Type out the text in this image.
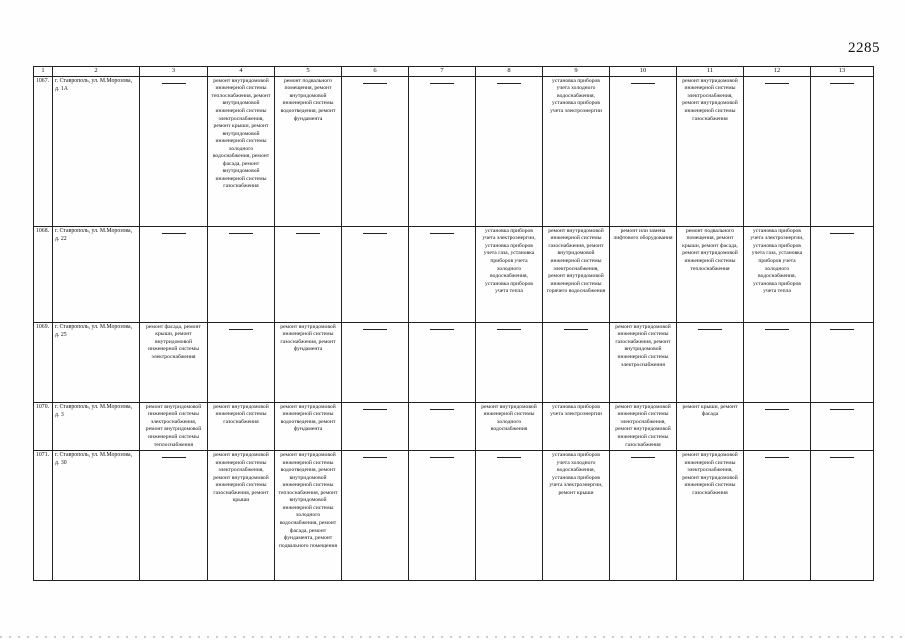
2285
1	2	3	4	5	6	7	8	9	10	11	12	13
1067.	г. Ставрополь, ул. М.Морозова, д. 1А		ремонт внутридомовой инженерной системы теплоснабжения, ремонт внутридомовой инженерной системы электроснабжения, ремонт крыши, ремонт внутридомовой инженерной системы холодного водоснабжения, ремонт фасада, ремонт внутридомовой инженерной системы газоснабжения	ремонт подвального помещения, ремонт внутридомовой инженерной системы водоотведения, ремонт фундамента				установка приборов учета холодного водоснабжения, установка приборов учета электроэнергии		ремонт внутридомовой инженерной системы электроснабжения, ремонт внутридомовой инженерной системы газоснабжения		
1068.	г. Ставрополь, ул. М.Морозова, д. 22						установка приборов учета электроэнергии, установка приборов учета газа, установка приборов учета холодного водоснабжения, установка приборов учета тепла	ремонт внутридомовой инженерной системы газоснабжения, ремонт внутридомовой инженерной системы электроснабжения, ремонт внутридомовой инженерной системы горячего водоснабжения	ремонт или замена лифтового оборудования	ремонт подвального помещения, ремонт крыши, ремонт фасада, ремонт внутридомовой инженерной системы теплоснабжения	установка приборов учета электроэнергии, установка приборов учета газа, установка приборов учета холодного водоснабжения, установка приборов учета тепла	
1069.	г. Ставрополь, ул. М.Морозова, д. 25	ремонт фасада, ремонт крыши, ремонт внутридомовой инженерной системы электроснабжения		ремонт внутридомовой инженерной системы газоснабжения, ремонт фундамента					ремонт внутридомовой инженерной системы газоснабжения, ремонт внутридомовой инженерной системы электроснабжения			
1070.	г. Ставрополь, ул. М.Морозова, д. 3	ремонт внутридомовой инженерной системы электроснабжения, ремонт внутридомовой инженерной системы теплоснабжения	ремонт внутридомовой инженерной системы газоснабжения	ремонт внутридомовой инженерной системы водоотведения, ремонт фундамента			ремонт внутридомовой инженерной системы холодного водоснабжения	установка приборов учета электроэнергии	ремонт внутридомовой инженерной системы электроснабжения, ремонт внутридомовой инженерной системы газоснабжения	ремонт крыши, ремонт фасада		
1071.	г. Ставрополь, ул. М.Морозова, д. 30		ремонт внутридомовой инженерной системы электроснабжения, ремонт внутридомовой инженерной системы газоснабжения, ремонт крыши	ремонт внутридомовой инженерной системы водоотведения, ремонт внутридомовой инженерной системы теплоснабжения, ремонт внутридомовой инженерной системы холодного водоснабжения, ремонт фасада, ремонт фундамента, ремонт подвального помещения				установка приборов учета холодного водоснабжения, установка приборов учета электроэнергии, ремонт крыши		ремонт внутридомовой инженерной системы электроснабжения, ремонт внутридомовой инженерной системы газоснабжения		
